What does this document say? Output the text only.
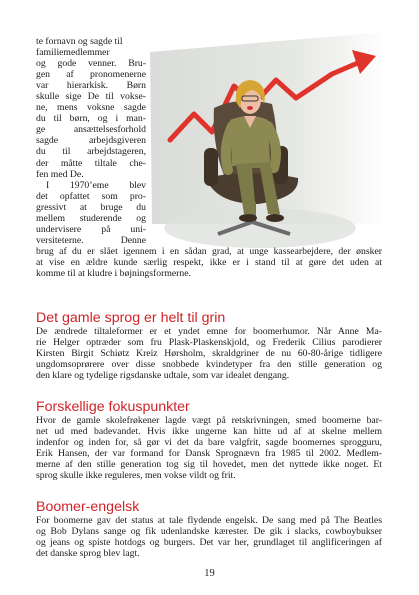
te fornavn og sagde til
familiemedlemmer
og gode venner. Bru-
gen af pronomenerne
var hierarkisk. Børn
skulle sige De til vokse-
ne, mens voksne sagde
du til børn, og i man-
ge ansættelsesforhold
sagde arbejdsgiveren
du til arbejdstageren,
der måtte tiltale che-
fen med De.
I 1970’eme blev
det opfattet som pro-
gressivt at bruge du
mellem studerende og
undervisere på uni-
versiteterne. Denne
brug af du er slået igennem i en sådan grad, at unge kassearbejdere, der ønsker
at vise en ældre kunde særlig respekt, ikke er i stand til at gøre det uden at
komme til at kludre i bøjningsformerne.
Det gamle sprog er helt til grin
De ændrede tiltaleformer er et yndet emne for boomerhumor. Når Anne Ma-
rie Helger optræder som fru Plask-Plaskenskjold, og Frederik Cilius parodierer
Kirsten Birgit Schiøtz Kreiz Hørsholm, skraldgriner de nu 60-80-årige tidligere
ungdomsoprørere over disse snobbede kvindetyper fra den stille generation og
den klare og tydelige rigsdanske udtale, som var idealet dengang.
Forskellige fokuspunkter
Hvor de gamle skolefrøkener lagde vægt på retskrivningen, smed boomerne bar-
net ud med badevandet. Hvis ikke ungerne kan hitte ud af at skelne mellem
indenfor og inden for, så gør vi det da bare valgfrit, sagde boomernes sprogguru,
Erik Hansen, der var formand for Dansk Sprognævn fra 1985 til 2002. Medlem-
merne af den stille generation tog sig til hovedet, men det nyttede ikke noget. Et
sprog skulle ikke reguleres, men vokse vildt og frit.
Boomer-engelsk
For boomerne gav det status at tale flydende engelsk. De sang med på The Beatles
og Bob Dylans sange og fik udenlandske kærester. De gik i slacks, cowboybukser
og jeans og spiste hotdogs og burgers. Det var her, grundlaget til anglificeringen af
det danske sprog blev lagt.
19
